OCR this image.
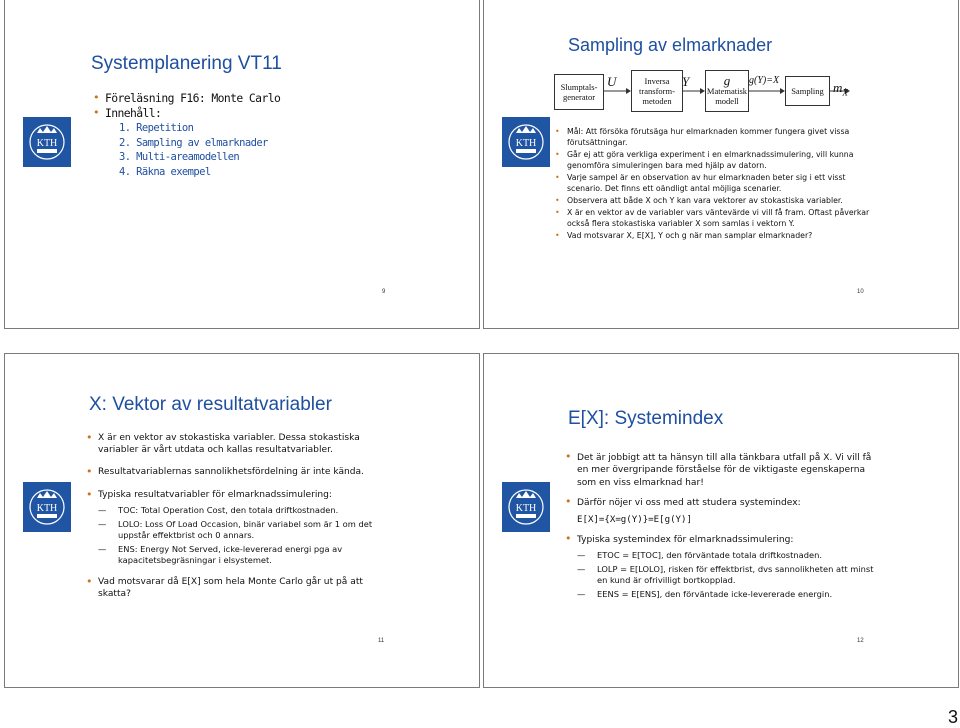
Systemplanering VT11
KTH
• Föreläsning F16: Monte Carlo
• Innehåll:
1. Repetition
2. Sampling av elmarknader
3. Multi-areamodellen
4. Räkna exempel
9
Sampling av elmarknader
Slumptals-generator
U	Inversa transform-metoden
Y	g
Matematisk modell
g(Y)=X
Sampling $m_X$
KTH
• Mål: Att försöka förutsäga hur elmarknaden kommer fungera givet vissa förutsättningar.
• Går ej att göra verkliga experiment i en elmarknadssimulering, vill kunna genomföra simuleringen bara med hjälp av datorn.
• Varje sampel är en observation av hur elmarknaden beter sig i ett visst scenario. Det finns ett oändligt antal möjliga scenarier.
• Observera att både X och Y kan vara vektorer av stokastiska variabler.
• X är en vektor av de variabler vars väntevärde vi vill få fram. Oftast påverkar också flera stokastiska variabler X som samlas i vektorn Y.
• Vad motsvarar X, E[X], Y och g när man samplar elmarknader?
10
X: Vektor av resultatvariabler
KTH
• X är en vektor av stokastiska variabler. Dessa stokastiska variabler är vårt utdata och kallas resultatvariabler.
• Resultatvariablernas sannolikhetsfördelning är inte kända.
• Typiska resultatvariabler för elmarknadssimulering:
— TOC: Total Operation Cost, den totala driftkostnaden.
— LOLO: Loss Of Load Occasion, binär variabel som är 1 om det uppstår effektbrist och 0 annars.
— ENS: Energy Not Served, icke-levererad energi pga av kapacitetsbegräsningar i elsystemet.
• Vad motsvarar då E[X] som hela Monte Carlo går ut på att skatta?
11
E[X]: Systemindex
KTH
• Det är jobbigt att ta hänsyn till alla tänkbara utfall på X. Vi vill få en mer övergripande förståelse för de viktigaste egenskaperna som en viss elmarknad har!
• Därför nöjer vi oss med att studera systemindex:
E[X]={X=g(Y)}=E[g(Y)]
• Typiska systemindex för elmarknadssimulering:
— ETOC = E[TOC], den förväntade totala driftkostnaden.
— LOLP = E[LOLO], risken för effektbrist, dvs sannolikheten att minst en kund är ofrivilligt bortkopplad.
— EENS = E[ENS], den förväntade icke-levererade energin.
12
3
